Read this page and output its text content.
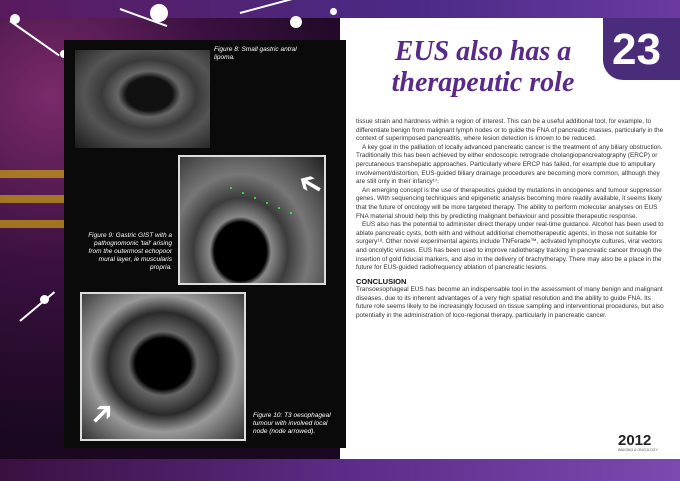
➔
➔
Figure 8: Small gastric antral lipoma.
Figure 9: Gastric GIST with a pathognomonic 'tail' arising from the outermost echopoor mural layer, ie muscularis propria.
Figure 10: T3 oesophageal tumour with involved local node (node arrowed).
EUS also has a therapeutic role
23

tissue strain and hardness within a region of interest. This can be a useful additional tool, for example, to differentiate benign from malignant lymph nodes or to guide the FNA of pancreatic masses, particularly in the context of superimposed pancreatitis, where lesion detection is known to be reduced.

A key goal in the palliation of locally advanced pancreatic cancer is the treatment of any biliary obstruction. Traditionally this has been achieved by either endoscopic retrograde cholangiopancreatography (ERCP) or percutaneous transhepatic approaches. Particularly where ERCP has failed, for example due to ampullary involvement/distortion, EUS-guided biliary drainage procedures are becoming more common, although they are still only in their infancy¹⁷.

An emerging concept is the use of therapeutics guided by mutations in oncogenes and tumour suppressor genes. With sequencing techniques and epigenetic analysis becoming more readily available, it seems likely that the future of oncology will be more targeted therapy. The ability to perform molecular analyses on EUS FNA material should help this by predicting malignant behaviour and possible therapeutic response.

EUS also has the potential to administer direct therapy under real-time guidance. Alcohol has been used to ablate pancreatic cysts, both with and without additional chemotherapeutic agents, in those not suitable for surgery¹⁸. Other novel experimental agents include TNFerade™, activated lymphocyte cultures, viral vectors and oncolytic viruses. EUS has been used to improve radiotherapy tracking in pancreatic cancer through the insertion of gold fiducial markers, and also in the delivery of brachytherapy. There may also be a place in the future for EUS-guided radiofrequency ablation of pancreatic lesions.

CONCLUSION

Transoesophageal EUS has become an indispensable tool in the assessment of many benign and malignant diseases, due to its inherent advantages of a very high spatial resolution and the ability to guide FNA. Its future role seems likely to be increasingly focused on tissue sampling and interventional procedures, but also potentially in the administration of loco-regional therapy, particularly in pancreatic cancer.

2012
IMAGING & ONCOLOGY
